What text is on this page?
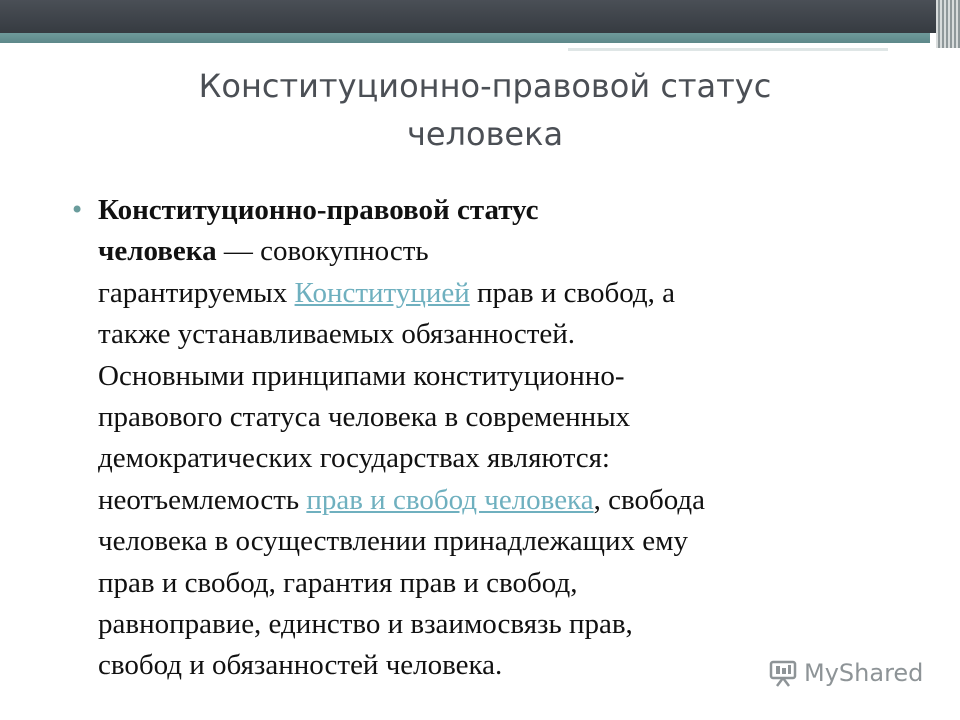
Конституционно-правовой статус
человека
• Конституционно-правовой статус
человека — совокупность
гарантируемых Конституцией прав и свобод, а
также устанавливаемых обязанностей.
Основными принципами конституционно-
правового статуса человека в современных
демократических государствах являются:
неотъемлемость прав и свобод человека, свобода
человека в осуществлении принадлежащих ему
прав и свобод, гарантия прав и свобод,
равноправие, единство и взаимосвязь прав,
свобод и обязанностей человека.	MyShared
